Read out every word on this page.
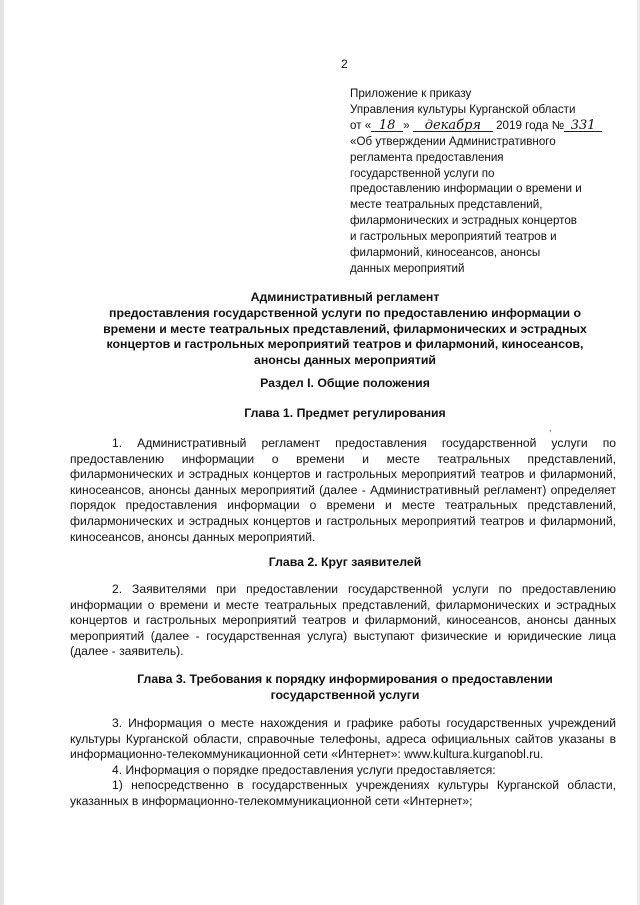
2
Приложение к приказу
Управления культуры Курганской области
от « 18 » декабря 2019 года № 331
«Об утверждении Административного
регламента предоставления
государственной услуги по
предоставлению информации о времени и
месте театральных представлений,
филармонических и эстрадных концертов
и гастрольных мероприятий театров и
филармоний, киносеансов, анонсы
данных мероприятий
Административный регламент
предоставления государственной услуги по предоставлению информации о времени и месте театральных представлений, филармонических и эстрадных концертов и гастрольных мероприятий театров и филармоний, киносеансов, анонсы данных мероприятий
Раздел I. Общие положения
Глава 1. Предмет регулирования
,

1. Административный регламент предоставления государственной услуги по предоставлению информации о времени и месте театральных представлений, филармонических и эстрадных концертов и гастрольных мероприятий театров и филармоний, киносеансов, анонсы данных мероприятий (далее - Административный регламент) определяет порядок предоставления информации о времени и месте театральных представлений, филармонических и эстрадных концертов и гастрольных мероприятий театров и филармоний, киносеансов, анонсы данных мероприятий.

Глава 2. Круг заявителей

2. Заявителями при предоставлении государственной услуги по предоставлению информации о времени и месте театральных представлений, филармонических и эстрадных концертов и гастрольных мероприятий театров и филармоний, киносеансов, анонсы данных мероприятий (далее - государственная услуга) выступают физические и юридические лица (далее - заявитель).

Глава 3. Требования к порядку информирования о предоставлении
государственной услуги

3. Информация о месте нахождения и графике работы государственных учреждений культуры Курганской области, справочные телефоны, адреса официальных сайтов указаны в информационно-телекоммуникационной сети «Интернет»: www.kultura.kurganobl.ru.

4. Информация о порядке предоставления услуги предоставляется:

1) непосредственно в государственных учреждениях культуры Курганской области, указанных в информационно-телекоммуникационной сети «Интернет»;
